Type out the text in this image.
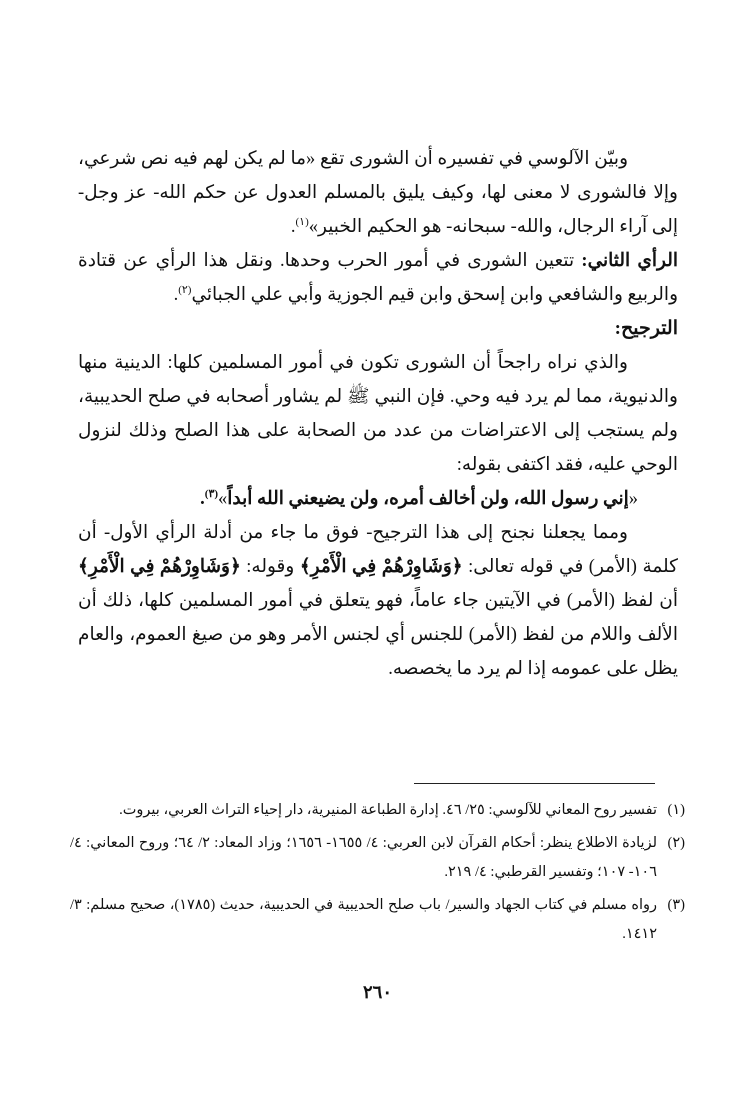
وبيّن الآلوسي في تفسيره أن الشورى تقع «ما لم يكن لهم فيه نص شرعي، وإلا فالشورى لا معنى لها، وكيف يليق بالمسلم العدول عن حكم الله- عز وجل- إلى آراء الرجال، والله- سبحانه- هو الحكيم الخبير»$^{(١)}$.

الرأي الثاني: تتعين الشورى في أمور الحرب وحدها. ونقل هذا الرأي عن قتادة والربيع والشافعي وابن إسحق وابن قيم الجوزية وأبي علي الجبائي$^{(٢)}$.

الترجيح:

والذي نراه راجحاً أن الشورى تكون في أمور المسلمين كلها: الدينية منها والدنيوية، مما لم يرد فيه وحي. فإن النبي ﷺ لم يشاور أصحابه في صلح الحديبية، ولم يستجب إلى الاعتراضات من عدد من الصحابة على هذا الصلح وذلك لنزول الوحي عليه، فقد اكتفى بقوله:

«إني رسول الله، ولن أخالف أمره، ولن يضيعني الله أبداً»$^{(٣)}$.

ومما يجعلنا نجنح إلى هذا الترجيح- فوق ما جاء من أدلة الرأي الأول- أن كلمة (الأمر) في قوله تعالى: ﴿وَشَاوِرْهُمْ فِي الْأَمْرِ﴾ وقوله: ﴿وَشَاوِرْهُمْ فِي الْأَمْرِ﴾ أن لفظ (الأمر) في الآيتين جاء عاماً، فهو يتعلق في أمور المسلمين كلها، ذلك أن الألف واللام من لفظ (الأمر) للجنس أي لجنس الأمر وهو من صيغ العموم، والعام يظل على عمومه إذا لم يرد ما يخصصه.

(١)
تفسير روح المعاني للآلوسي: ٢٥/ ٤٦. إدارة الطباعة المنيرية، دار إحياء التراث العربي، بيروت.

(٢)
لزيادة الاطلاع ينظر: أحكام القرآن لابن العربي: ٤/ ١٦٥٥- ١٦٥٦؛ وزاد المعاد: ٢/ ٦٤؛ وروح المعاني: ٤/ ١٠٦- ١٠٧؛ وتفسير القرطبي: ٤/ ٢١٩.

(٣)
رواه مسلم في كتاب الجهاد والسير/ باب صلح الحديبية في الحديبية، حديث (١٧٨٥)، صحيح مسلم: ٣/ ١٤١٢.

٢٦٠
